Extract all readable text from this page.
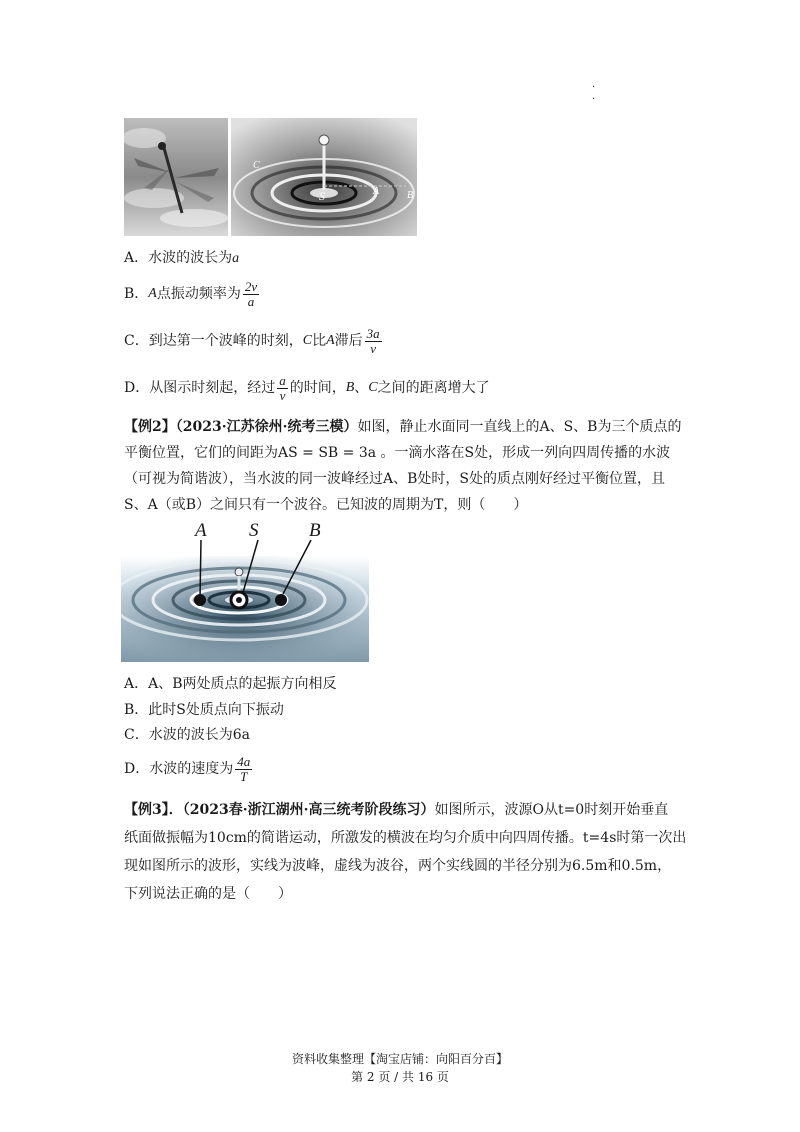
·
·
S	A	B
C
A．水波的波长为a
B． A 点振动频率为 $\frac{2v}{a}$
C．到达第一个波峰的时刻， C 比 A 滞后 $\frac{3a}{v}$
D．从图示时刻起，经过 $\frac{a}{v}$ 的时间， B 、 C 之间的距离增大了
【例2】（2023·江苏徐州·统考三模）如图，静止水面同一直线上的A、S、B为三个质点的
平衡位置，它们的间距为AS = SB = 3a 。一滴水落在S处，形成一列向四周传播的水波
（可视为简谐波），当水波的同一波峰经过A、B处时，S处的质点刚好经过平衡位置，且
S、A（或B）之间只有一个波谷。已知波的周期为T，则（　　）
A S	B
A．A、B两处质点的起振方向相反
B．此时S处质点向下振动
C．水波的波长为6a
D．水波的速度为 $\frac{4a}{T}$
【例3】．（2023春·浙江湖州·高三统考阶段练习）如图所示，波源O从t=0时刻开始垂直
纸面做振幅为10cm的简谐运动，所激发的横波在均匀介质中向四周传播。t=4s时第一次出
现如图所示的波形，实线为波峰，虚线为波谷，两个实线圆的半径分别为6.5m和0.5m，
下列说法正确的是（　　）
资料收集整理【淘宝店铺：向阳百分百】
第 2 页 / 共 16 页
